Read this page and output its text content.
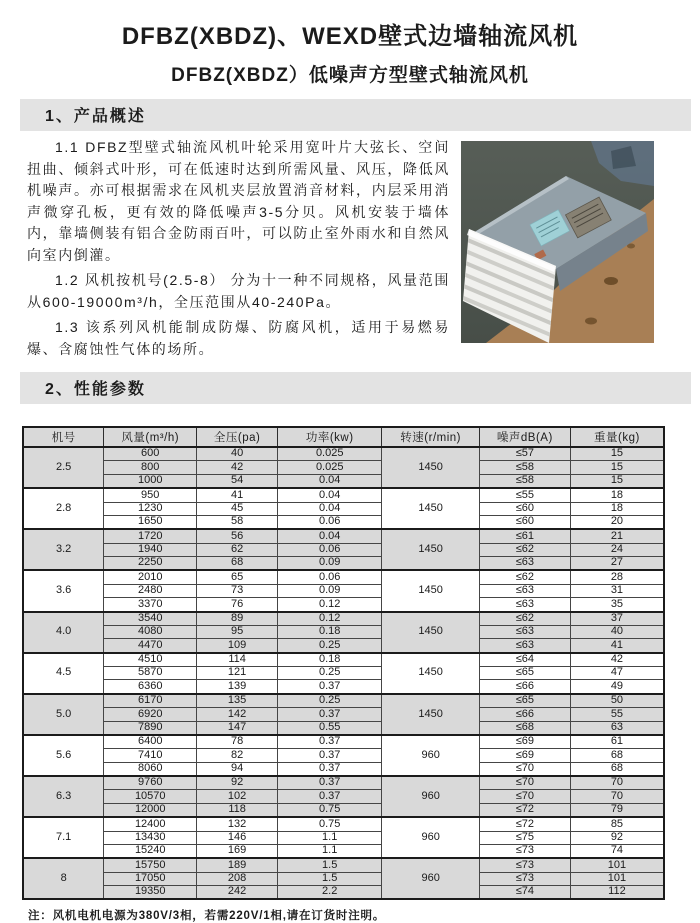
DFBZ(XBDZ)、WEXD壁式边墙轴流风机
DFBZ(XBDZ）低噪声方型壁式轴流风机
1、产品概述

1.1 DFBZ型壁式轴流风机叶轮采用宽叶片大弦长、空间扭曲、倾斜式叶形，可在低速时达到所需风量、风压，降低风机噪声。亦可根据需求在风机夹层放置消音材料，内层采用消声微穿孔板，更有效的降低噪声3-5分贝。风机安装于墙体内，靠墙侧装有铝合金防雨百叶，可以防止室外雨水和自然风向室内倒灌。

1.2 风机按机号(2.5-8） 分为十一种不同规格，风量范围从600-19000m³/h，全压范围从40-240Pa。

1.3 该系列风机能制成防爆、防腐风机，适用于易燃易爆、含腐蚀性气体的场所。

2、性能参数
机号	风量(m³/h)	全压(pa)	功率(kw)	转速(r/min)	噪声dB(A)	重量(kg)
2.5	600	40	0.025	1450	≤57	15
	800	42	0.025		≤58	15
	1000	54	0.04		≤58	15
2.8	950	41	0.04	1450	≤55	18
	1230	45	0.04		≤60	18
	1650	58	0.06		≤60	20
3.2	1720	56	0.04	1450	≤61	21
	1940	62	0.06		≤62	24
	2250	68	0.09		≤63	27
3.6	2010	65	0.06	1450	≤62	28
	2480	73	0.09		≤63	31
	3370	76	0.12		≤63	35
4.0	3540	89	0.12	1450	≤62	37
	4080	95	0.18		≤63	40
	4470	109	0.25		≤63	41
4.5	4510	114	0.18	1450	≤64	42
	5870	121	0.25		≤65	47
	6360	139	0.37		≤66	49
5.0	6170	135	0.25	1450	≤65	50
	6920	142	0.37		≤66	55
	7890	147	0.55		≤68	63
5.6	6400	78	0.37	960	≤69	61
	7410	82	0.37		≤69	68
	8060	94	0.37		≤70	68
6.3	9760	92	0.37	960	≤70	70
	10570	102	0.37		≤70	70
	12000	118	0.75		≤72	79
7.1	12400	132	0.75	960	≤72	85
	13430	146	1.1		≤75	92
	15240	169	1.1		≤73	74
8	15750	189	1.5	960	≤73	101
	17050	208	1.5		≤73	101
	19350	242	2.2		≤74	112
注：风机电机电源为380V/3相，若需220V/1相,请在订货时注明。
